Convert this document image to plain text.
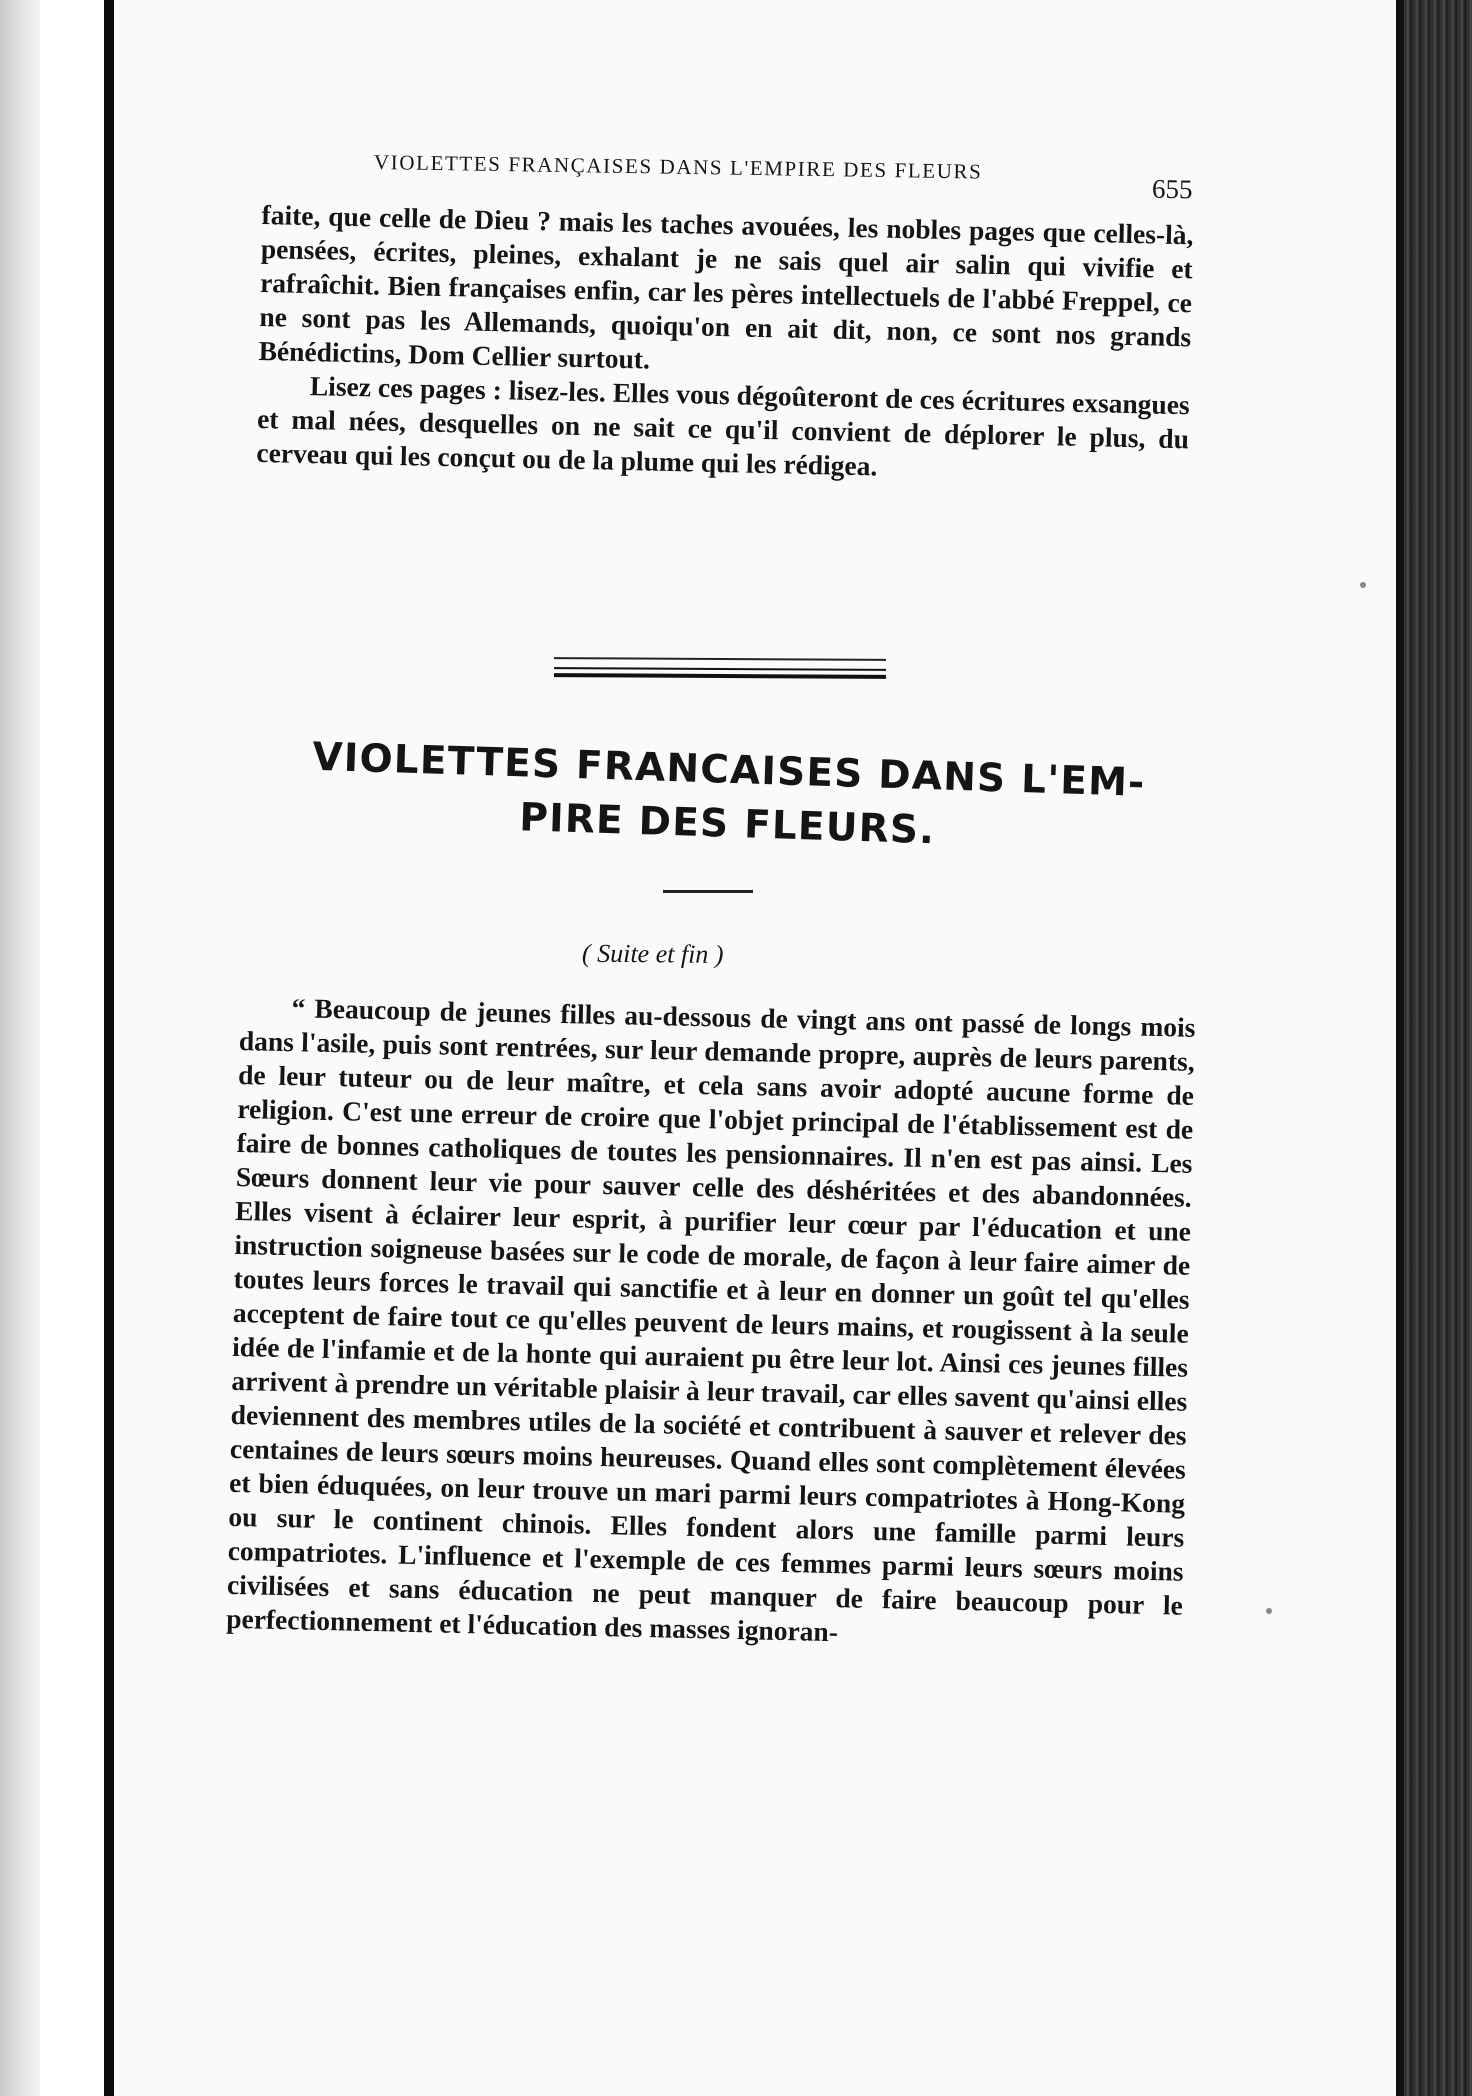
VIOLETTES FRANÇAISES DANS L'EMPIRE DES FLEURS
655

faite, que celle de Dieu ? mais les taches avouées, les nobles pages que celles-là, pensées, écrites, pleines, exhalant je ne sais quel air salin qui vivifie et rafraîchit. Bien françaises enfin, car les pères intellectuels de l'abbé Freppel, ce ne sont pas les Allemands, quoiqu'on en ait dit, non, ce sont nos grands Bénédictins, Dom Cellier surtout.

Lisez ces pages : lisez-les. Elles vous dégoûteront de ces écritures exsangues et mal nées, desquelles on ne sait ce qu'il convient de déplorer le plus, du cerveau qui les conçut ou de la plume qui les rédigea.

VIOLETTES FRANCAISES DANS L'EM-
PIRE DES FLEURS.
( Suite et fin )

“ Beaucoup de jeunes filles au-dessous de vingt ans ont passé de longs mois dans l'asile, puis sont rentrées, sur leur demande propre, auprès de leurs parents, de leur tuteur ou de leur maître, et cela sans avoir adopté aucune forme de religion. C'est une erreur de croire que l'objet principal de l'établissement est de faire de bonnes catholiques de toutes les pensionnaires. Il n'en est pas ainsi. Les Sœurs donnent leur vie pour sauver celle des déshéritées et des abandonnées. Elles visent à éclairer leur esprit, à purifier leur cœur par l'éducation et une instruction soigneuse basées sur le code de morale, de façon à leur faire aimer de toutes leurs forces le travail qui sanctifie et à leur en donner un goût tel qu'elles acceptent de faire tout ce qu'elles peuvent de leurs mains, et rougissent à la seule idée de l'infamie et de la honte qui auraient pu être leur lot. Ainsi ces jeunes filles arrivent à prendre un véritable plaisir à leur travail, car elles savent qu'ainsi elles deviennent des membres utiles de la société et contribuent à sauver et relever des centaines de leurs sœurs moins heureuses. Quand elles sont complètement élevées et bien éduquées, on leur trouve un mari parmi leurs compatriotes à Hong-Kong ou sur le continent chinois. Elles fondent alors une famille parmi leurs compatriotes. L'influence et l'exemple de ces femmes parmi leurs sœurs moins civilisées et sans éducation ne peut manquer de faire beaucoup pour le perfectionnement et l'éducation des masses ignoran-
